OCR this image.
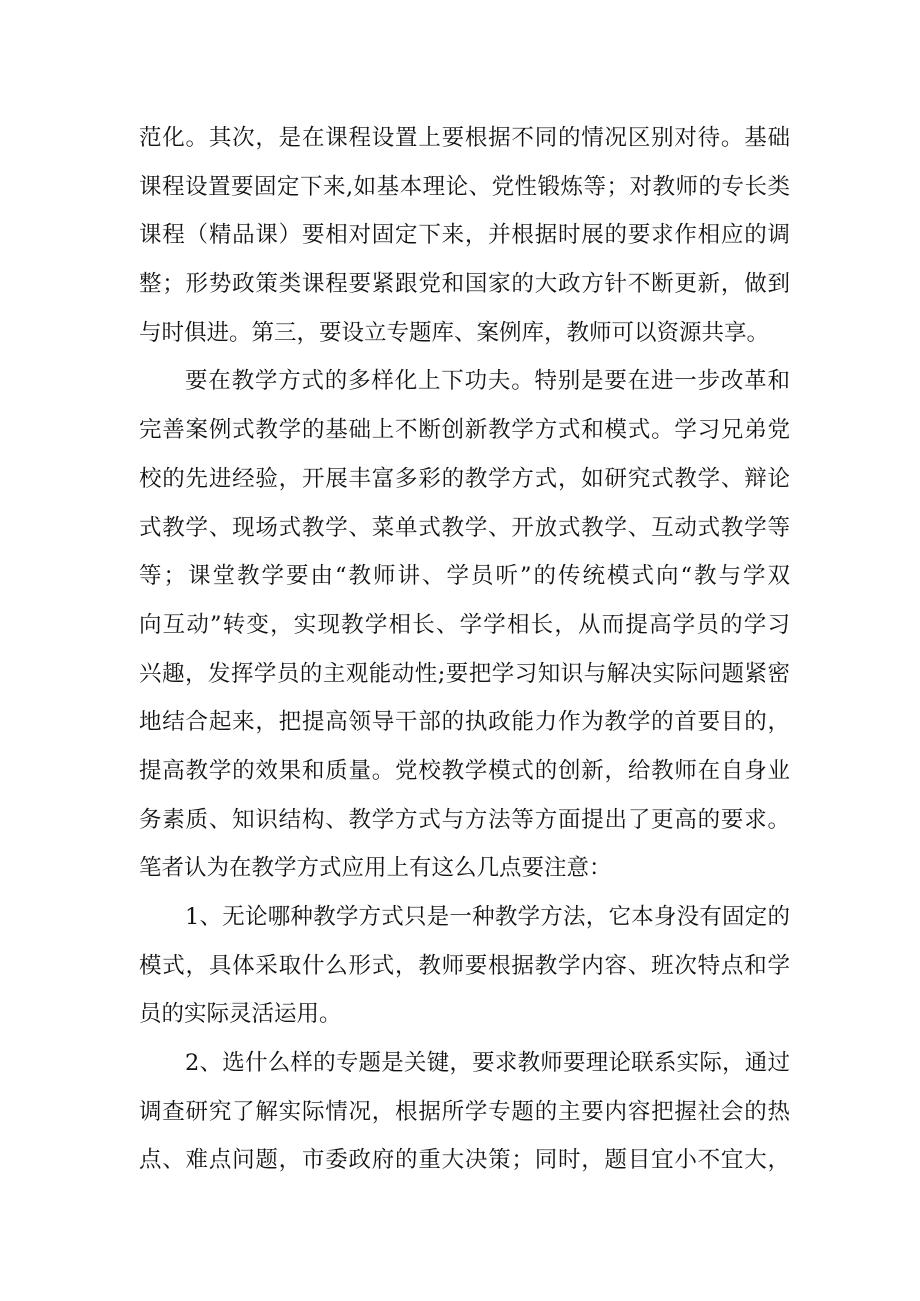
范化。其次，是在课程设置上要根据不同的情况区别对待。基础
课程设置要固定下来,如基本理论、党性锻炼等；对教师的专长类
课程（精品课）要相对固定下来，并根据时展的要求作相应的调
整；形势政策类课程要紧跟党和国家的大政方针不断更新，做到
与时俱进。第三，要设立专题库、案例库，教师可以资源共享。
要在教学方式的多样化上下功夫。特别是要在进一步改革和
完善案例式教学的基础上不断创新教学方式和模式。学习兄弟党
校的先进经验，开展丰富多彩的教学方式，如研究式教学、辩论
式教学、现场式教学、菜单式教学、开放式教学、互动式教学等
等；课堂教学要由“教师讲、学员听”的传统模式向“教与学双
向互动”转变，实现教学相长、学学相长，从而提高学员的学习
兴趣，发挥学员的主观能动性;要把学习知识与解决实际问题紧密
地结合起来，把提高领导干部的执政能力作为教学的首要目的，
提高教学的效果和质量。党校教学模式的创新，给教师在自身业
务素质、知识结构、教学方式与方法等方面提出了更高的要求。
笔者认为在教学方式应用上有这么几点要注意：
1、无论哪种教学方式只是一种教学方法，它本身没有固定的
模式，具体采取什么形式，教师要根据教学内容、班次特点和学
员的实际灵活运用。
2、选什么样的专题是关键，要求教师要理论联系实际，通过
调查研究了解实际情况，根据所学专题的主要内容把握社会的热
点、难点问题，市委政府的重大决策；同时，题目宜小不宜大，
